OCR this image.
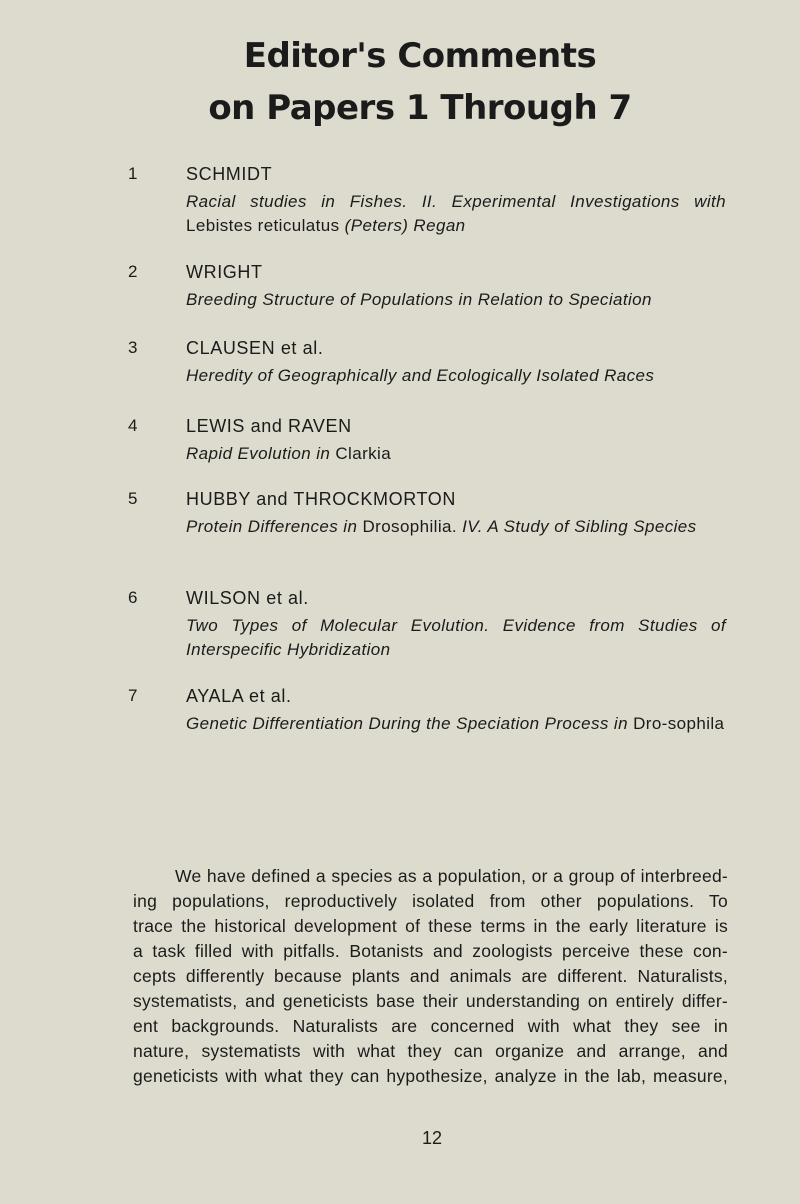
Editor's Comments
on Papers 1 Through 7
1	SCHMIDT
Racial studies in Fishes. II. Experimental Investigations with Lebistes reticulatus (Peters) Regan
2	WRIGHT
Breeding Structure of Populations in Relation to Speciation
3	CLAUSEN et al.
Heredity of Geographically and Ecologically Isolated Races
4	LEWIS and RAVEN
Rapid Evolution in Clarkia
5	HUBBY and THROCKMORTON
Protein Differences in Drosophilia. IV. A Study of Sibling Species
6	WILSON et al.
Two Types of Molecular Evolution. Evidence from Studies of Interspecific Hybridization
7	AYALA et al.
Genetic Differentiation During the Speciation Process in Dro-sophila
We have defined a species as a population, or a group of interbreed-
ing populations, reproductively isolated from other populations. To
trace the historical development of these terms in the early literature is
a task filled with pitfalls. Botanists and zoologists perceive these con-
cepts differently because plants and animals are different. Naturalists,
systematists, and geneticists base their understanding on entirely differ-
ent backgrounds. Naturalists are concerned with what they see in
nature, systematists with what they can organize and arrange, and
geneticists with what they can hypothesize, analyze in the lab, measure,
12
